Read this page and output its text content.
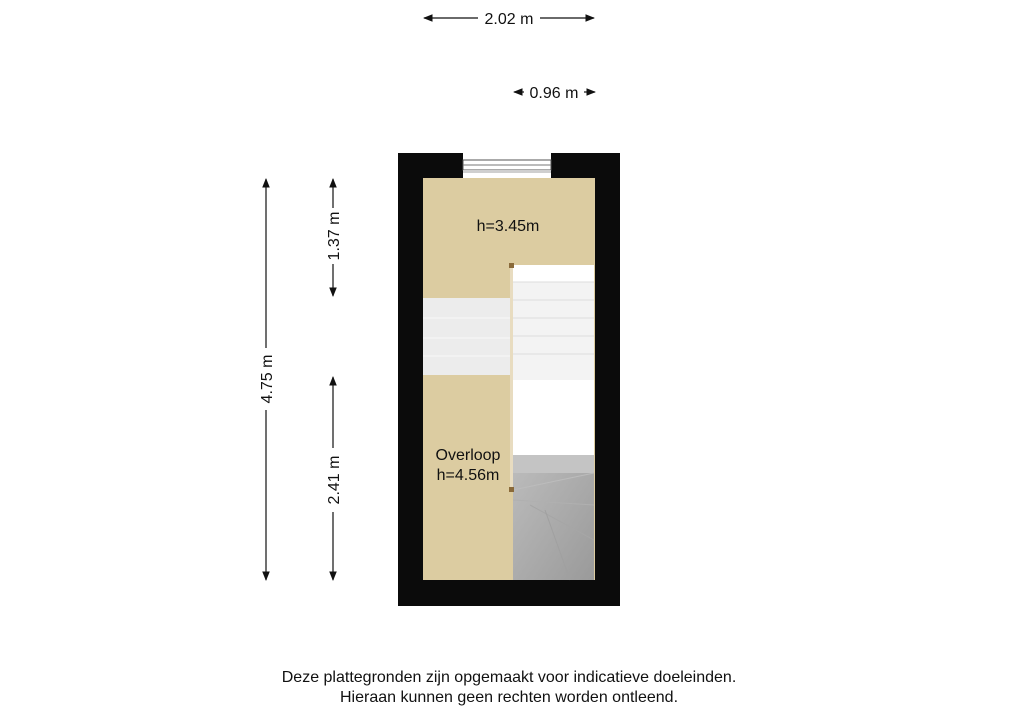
h=3.45m
Overloop
h=4.56m
2.02 m
0.96 m
4.75 m
1.37 m
2.41 m
Deze plattegronden zijn opgemaakt voor indicatieve doeleinden.
Hieraan kunnen geen rechten worden ontleend.
